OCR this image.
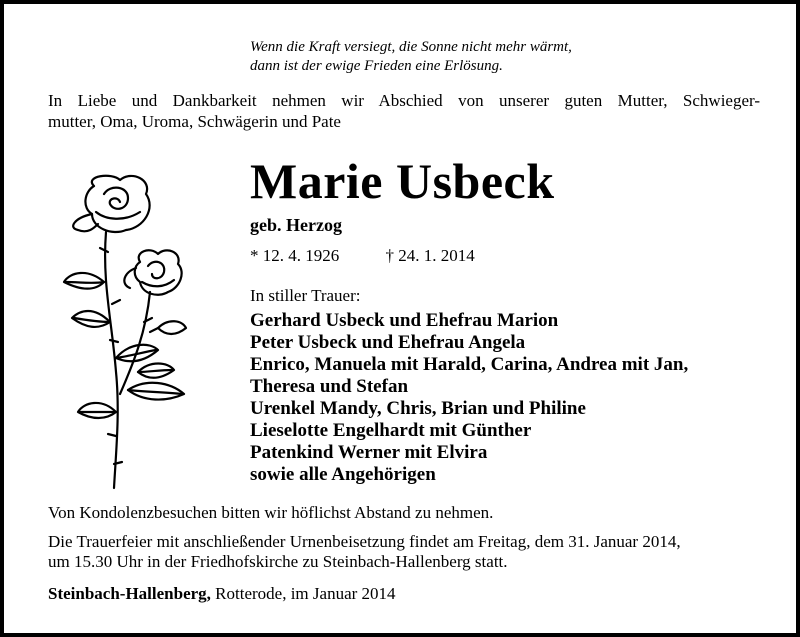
Wenn die Kraft versiegt, die Sonne nicht mehr wärmt,
dann ist der ewige Frieden eine Erlösung.
In Liebe und Dankbarkeit nehmen wir Abschied von unserer guten Mutter, Schwieger-
mutter, Oma, Uroma, Schwägerin und Pate
Marie Usbeck
geb. Herzog
* 12. 4. 1926	† 24. 1. 2014
In stiller Trauer:
Gerhard Usbeck und Ehefrau Marion
Peter Usbeck und Ehefrau Angela
Enrico, Manuela mit Harald, Carina, Andrea mit Jan,
Theresa und Stefan
Urenkel Mandy, Chris, Brian und Philine
Lieselotte Engelhardt mit Günther
Patenkind Werner mit Elvira
sowie alle Angehörigen
Von Kondolenzbesuchen bitten wir höflichst Abstand zu nehmen.
Die Trauerfeier mit anschließender Urnenbeisetzung findet am Freitag, dem 31. Januar 2014,
um 15.30 Uhr in der Friedhofskirche zu Steinbach-Hallenberg statt.
Steinbach-Hallenberg, Rotterode, im Januar 2014
